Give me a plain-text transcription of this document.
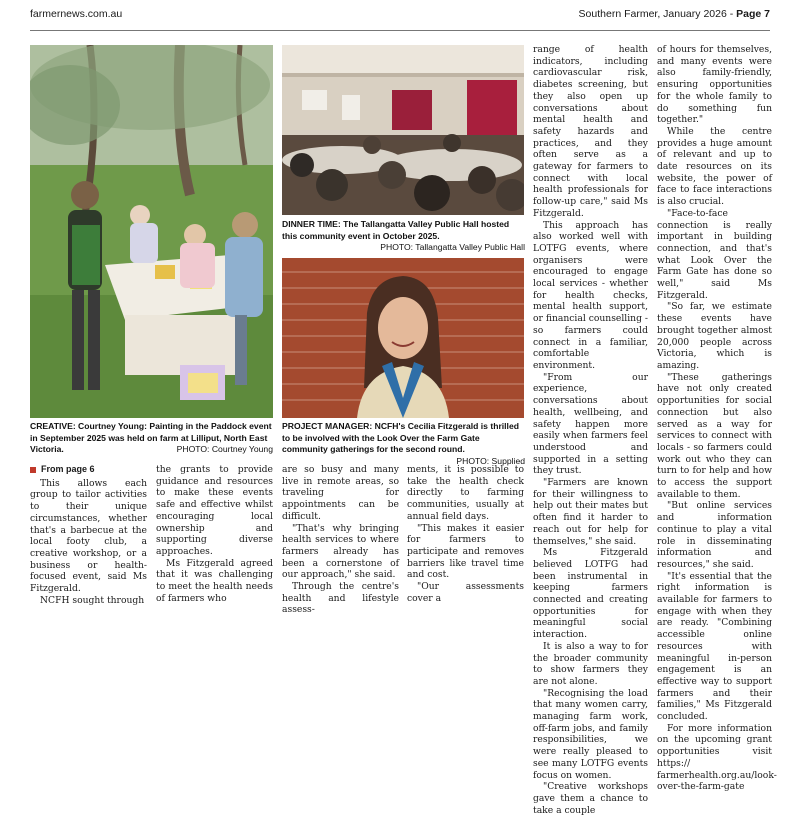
farmernews.com.au	Southern Farmer, January 2026 - Page 7
CREATIVE: Courtney Young: Painting in the Paddock event in September 2025 was held on farm at Lilliput, North East Victoria.	PHOTO: Courtney Young
DINNER TIME: The Tallangatta Valley Public Hall hosted this community event in October 2025.
PHOTO: Tallangatta Valley Public Hall
PROJECT MANAGER: NCFH's Cecilia Fitzgerald is thrilled to be involved with the Look Over the Farm Gate community gatherings for the second round.
PHOTO: Supplied
From page 6

This allows each group to tailor activities to their unique circumstances, whether that's a barbecue at the local footy club, a creative workshop, or a business or health-focused event, said Ms Fitzgerald.

NCFH sought through

the grants to provide guidance and resources to make these events safe and effective whilst encouraging local ownership and supporting diverse approaches.

Ms Fitzgerald agreed that it was challenging to meet the health needs of farmers who

are so busy and many live in remote areas, so traveling for appointments can be difficult.

"That's why bringing health services to where farmers already has been a cornerstone of our approach," she said.

Through the centre's health and lifestyle assess-

ments, it is possible to take the health check directly to farming communities, usually at annual field days.

"This makes it easier for farmers to participate and removes barriers like travel time and cost.

"Our assessments cover a

range of health indicators, including cardiovascular risk, diabetes screening, but they also open up conversations about mental health and safety hazards and practices, and they often serve as a gateway for farmers to connect with local health professionals for follow-up care," said Ms Fitzgerald.

This approach has also worked well with LOTFG events, where organisers were encouraged to engage local services - whether for health checks, mental health support, or financial counselling - so farmers could connect in a familiar, comfortable environment.

"From our experience, conversations about health, wellbeing, and safety happen more easily when farmers feel understood and supported in a setting they trust.

"Farmers are known for their willingness to help out their mates but often find it harder to reach out for help for themselves," she said.

Ms Fitzgerald believed LOTFG had been instrumental in keeping farmers connected and creating opportunities for meaningful social interaction.

It is also a way to for the broader community to show farmers they are not alone.

"Recognising the load that many women carry, managing farm work, off-farm jobs, and family responsibilities, we were really pleased to see many LOTFG events focus on women.

"Creative workshops gave them a chance to take a couple

of hours for themselves, and many events were also family-friendly, ensuring opportunities for the whole family to do something fun together."

While the centre provides a huge amount of relevant and up to date resources on its website, the power of face to face interactions is also crucial.

"Face-to-face connection is really important in building connection, and that's what Look Over the Farm Gate has done so well," said Ms Fitzgerald.

"So far, we estimate these events have brought together almost 20,000 people across Victoria, which is amazing.

"These gatherings have not only created opportunities for social connection but also served as a way for services to connect with locals - so farmers could work out who they can turn to for help and how to access the support available to them.

"But online services and information continue to play a vital role in disseminating information and resources," she said.

"It's essential that the right information is available for farmers to engage with when they are ready. "Combining accessible online resources with meaningful in-person engagement is an effective way to support farmers and their families," Ms Fitzgerald concluded.

For more information on the upcoming grant opportunities visit https:// farmerhealth.org.au/look-over-the-farm-gate
